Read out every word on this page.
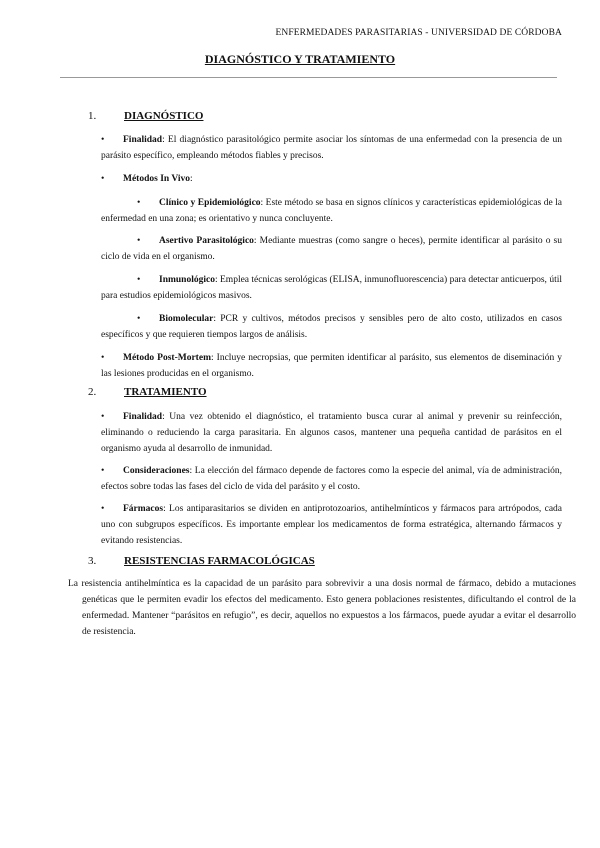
ENFERMEDADES PARASITARIAS - UNIVERSIDAD DE CÓRDOBA
DIAGNÓSTICO Y TRATAMIENTO
1.	DIAGNÓSTICO
• Finalidad: El diagnóstico parasitológico permite asociar los síntomas de una enfermedad con la presencia de un parásito específico, empleando métodos fiables y precisos.
• Métodos In Vivo:
• Clínico y Epidemiológico: Este método se basa en signos clínicos y características epidemiológicas de la enfermedad en una zona; es orientativo y nunca concluyente.
• Asertivo Parasitológico: Mediante muestras (como sangre o heces), permite identificar al parásito o su ciclo de vida en el organismo.
• Inmunológico: Emplea técnicas serológicas (ELISA, inmunofluorescencia) para detectar anticuerpos, útil para estudios epidemiológicos masivos.
• Biomolecular: PCR y cultivos, métodos precisos y sensibles pero de alto costo, utilizados en casos específicos y que requieren tiempos largos de análisis.
• Método Post-Mortem: Incluye necropsias, que permiten identificar al parásito, sus elementos de diseminación y las lesiones producidas en el organismo.
2.	TRATAMIENTO
• Finalidad: Una vez obtenido el diagnóstico, el tratamiento busca curar al animal y prevenir su reinfección, eliminando o reduciendo la carga parasitaria. En algunos casos, mantener una pequeña cantidad de parásitos en el organismo ayuda al desarrollo de inmunidad.
• Consideraciones: La elección del fármaco depende de factores como la especie del animal, vía de administración, efectos sobre todas las fases del ciclo de vida del parásito y el costo.
• Fármacos: Los antiparasitarios se dividen en antiprotozoarios, antihelmínticos y fármacos para artrópodos, cada uno con subgrupos específicos. Es importante emplear los medicamentos de forma estratégica, alternando fármacos y evitando resistencias.
3.	RESISTENCIAS FARMACOLÓGICAS
La resistencia antihelmíntica es la capacidad de un parásito para sobrevivir a una dosis normal de fármaco, debido a mutaciones genéticas que le permiten evadir los efectos del medicamento. Esto genera poblaciones resistentes, dificultando el control de la enfermedad. Mantener “parásitos en refugio”, es decir, aquellos no expuestos a los fármacos, puede ayudar a evitar el desarrollo de resistencia.
